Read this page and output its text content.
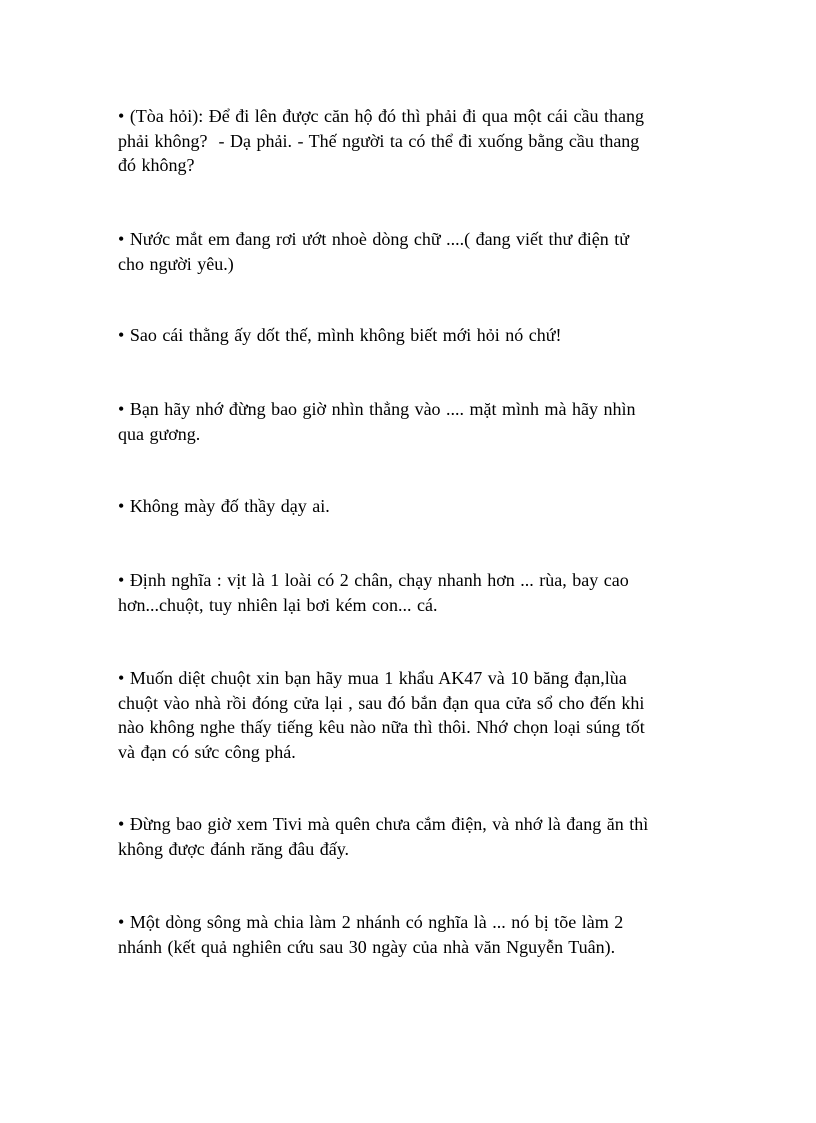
• (Tòa hỏi): Để đi lên được căn hộ đó thì phải đi qua một cái cầu thang
phải không?  - Dạ phải. - Thế người ta có thể đi xuống bằng cầu thang
đó không?

• Nước mắt em đang rơi ướt nhoè dòng chữ ....( đang viết thư điện tử
cho người yêu.)

• Sao cái thằng ấy dốt thế, mình không biết mới hỏi nó chứ!

• Bạn hãy nhớ đừng bao giờ nhìn thẳng vào .... mặt mình mà hãy nhìn
qua gương.

• Không mày đố thầy dạy ai.

• Định nghĩa : vịt là 1 loài có 2 chân, chạy nhanh hơn ... rùa, bay cao
hơn...chuột, tuy nhiên lại bơi kém con... cá.

• Muốn diệt chuột xin bạn hãy mua 1 khẩu AK47 và 10 băng đạn,lùa
chuột vào nhà rồi đóng cửa lại , sau đó bắn đạn qua cửa sổ cho đến khi
nào không nghe thấy tiếng kêu nào nữa thì thôi. Nhớ chọn loại súng tốt
và đạn có sức công phá.

• Đừng bao giờ xem Tivi mà quên chưa cắm điện, và nhớ là đang ăn thì
không được đánh răng đâu đấy.

• Một dòng sông mà chia làm 2 nhánh có nghĩa là ... nó bị tõe làm 2
nhánh (kết quả nghiên cứu sau 30 ngày của nhà văn Nguyễn Tuân).
